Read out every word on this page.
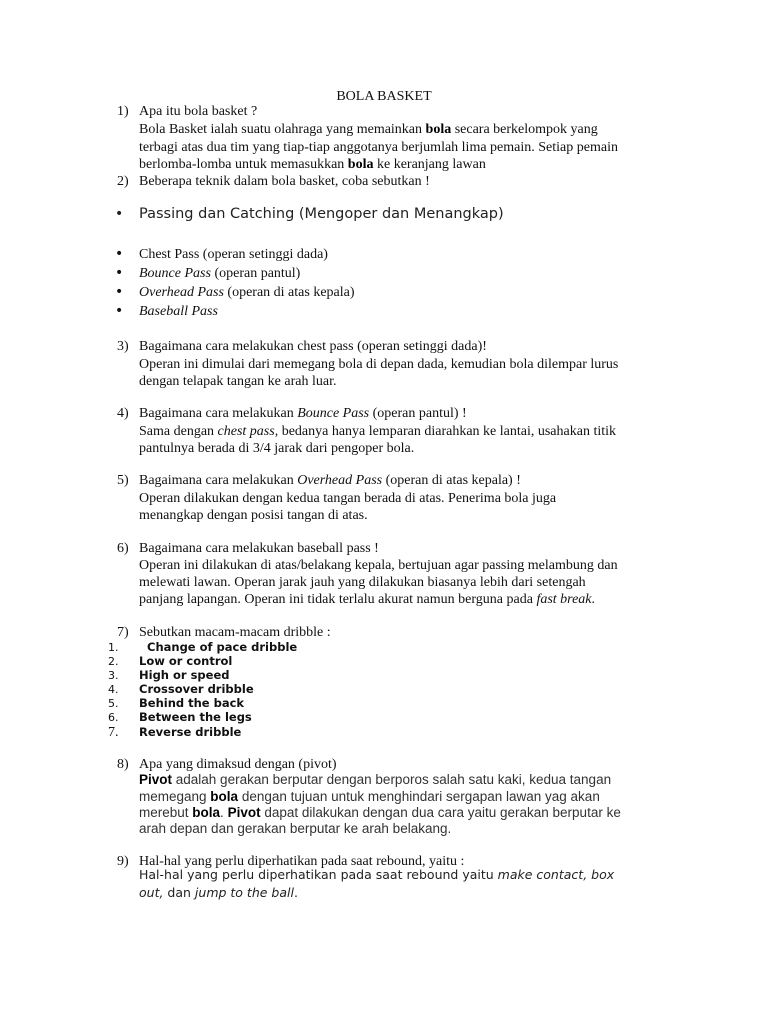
BOLA BASKET
1) Apa itu bola basket ?
Bola Basket ialah suatu olahraga yang memainkan bola secara berkelompok yang
terbagi atas dua tim yang tiap-tiap anggotanya berjumlah lima pemain. Setiap pemain
berlomba-lomba untuk memasukkan bola ke keranjang lawan
2) Beberapa teknik dalam bola basket, coba sebutkan !
• Passing dan Catching (Mengoper dan Menangkap)
• Chest Pass (operan setinggi dada)
• Bounce Pass (operan pantul)
• Overhead Pass (operan di atas kepala)
• Baseball Pass
3) Bagaimana cara melakukan chest pass (operan setinggi dada)!
Operan ini dimulai dari memegang bola di depan dada, kemudian bola dilempar lurus
dengan telapak tangan ke arah luar.
4) Bagaimana cara melakukan Bounce Pass (operan pantul) !
Sama dengan chest pass, bedanya hanya lemparan diarahkan ke lantai, usahakan titik
pantulnya berada di 3/4 jarak dari pengoper bola.
5) Bagaimana cara melakukan Overhead Pass (operan di atas kepala) !
Operan dilakukan dengan kedua tangan berada di atas. Penerima bola juga
menangkap dengan posisi tangan di atas.
6) Bagaimana cara melakukan baseball pass !
Operan ini dilakukan di atas/belakang kepala, bertujuan agar passing melambung dan
melewati lawan. Operan jarak jauh yang dilakukan biasanya lebih dari setengah
panjang lapangan. Operan ini tidak terlalu akurat namun berguna pada fast break.
7) Sebutkan macam-macam dribble :
8) Apa yang dimaksud dengan (pivot)
Pivot adalah gerakan berputar dengan berporos salah satu kaki, kedua tangan
memegang bola dengan tujuan untuk menghindari sergapan lawan yag akan
merebut bola. Pivot dapat dilakukan dengan dua cara yaitu gerakan berputar ke
arah depan dan gerakan berputar ke arah belakang.
9) Hal-hal yang perlu diperhatikan pada saat rebound, yaitu :
Hal-hal yang perlu diperhatikan pada saat rebound yaitu make contact, box
out, dan jump to the ball.
1. Change of pace dribble
2. Low or control
3. High or speed
4. Crossover dribble
5. Behind the back
6. Between the legs
7. Reverse dribble
